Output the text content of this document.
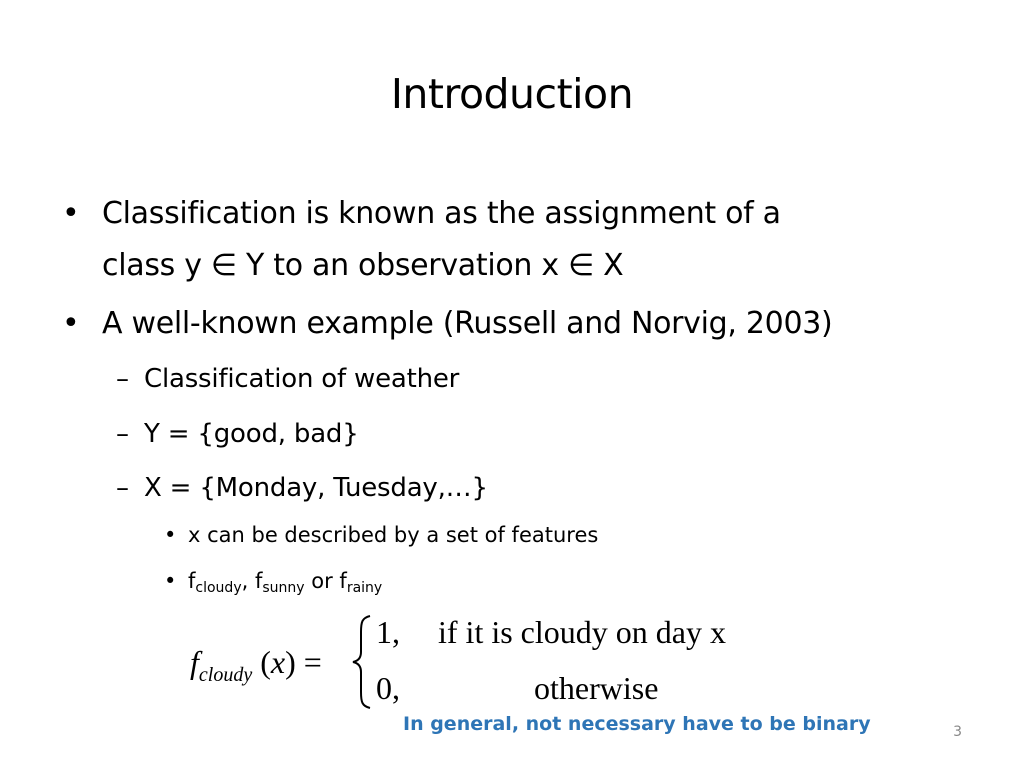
Introduction
• Classification is known as the assignment of a
class y ∈ Y to an observation x ∈ X
• A well-known example (Russell and Norvig, 2003)
– Classification of weather
– Y = {good, bad}
– X = {Monday, Tuesday,…}
• x can be described by a set of features
• $f_{cloudy}$, $f_{sunny}$ or $f_{rainy}$
$f_{cloudy}$ (x) =
1, if it is cloudy on day x
0,	otherwise
In general, not necessary have to be binary	3
